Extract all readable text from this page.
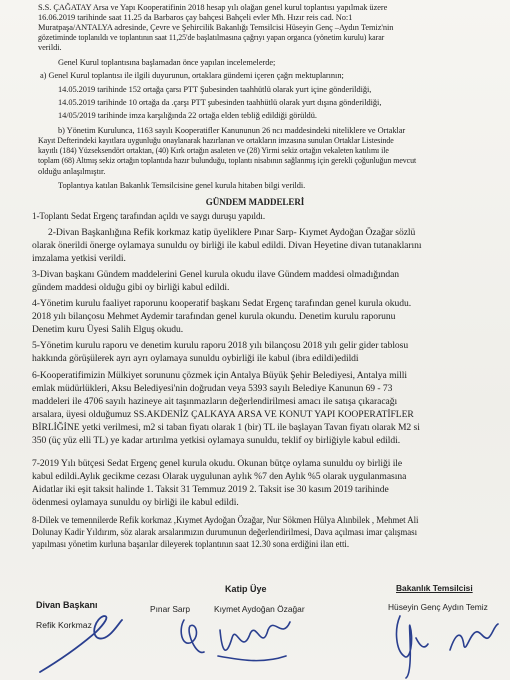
S.S. ÇAĞATAY Arsa ve Yapı Kooperatifinin 2018 hesap yılı olağan genel kurul toplantısı yapılmak üzere
16.06.2019 tarihinde saat 11.25 da Barbaros çay bahçesi Bahçeli evler Mh. Hızır reis cad. No:1
Muratpaşa/ANTALYA adresinde, Çevre ve Şehircilik Bakanlığı Temsilcisi Hüseyin Genç –Aydın Temiz'nin
gözetiminde toplanıldı ve toplantının saat 11,25'de başlatılmasına çağrıyı yapan organca (yönetim kurulu) karar
verildi.
Genel Kurul toplantısına başlamadan önce yapılan incelemelerde;
a) Genel Kurul toplantısı ile ilgili duyurunun, ortaklara gündemi içeren çağrı mektuplarının;
14.05.2019 tarihinde 152 ortağa çarsı PTT Şubesinden taahhütlü olarak yurt içine gönderildiği,
14.05.2019 tarihinde 10 ortağa da .çarşı PTT şubesinden taahhütlü olarak yurt dışına gönderildiği,
14/05/2019 tarihinde imza karşılığında 22 ortağa elden tebliğ edildiği görüldü.
b) Yönetim Kurulunca, 1163 sayılı Kooperatifler Kanununun 26 ncı maddesindeki niteliklere ve Ortaklar
Kayıt Defterindeki kayıtlara uygunluğu onaylanarak hazırlanan ve ortakların imzasına sunulan Ortaklar Listesinde
kayıtlı (184) Yüzseksendört ortaktan, (40) Kırk ortağın asaleten ve (28) Yirmi sekiz ortağın vekaleten katılımı ile
toplam (68) Altmış sekiz ortağın toplantıda hazır bulunduğu, toplantı nisabının sağlanmış için gerekli çoğunluğun mevcut
olduğu anlaşılmıştır.
Toplantıya katılan Bakanlık Temsilcisine genel kurula hitaben bilgi verildi.
GÜNDEM MADDELERİ
1-Toplantı Sedat Ergenç tarafından açıldı ve saygı duruşu yapıldı.
2-Divan Başkanlığına Refik korkmaz katip üyeliklere Pınar Sarp- Kıymet Aydoğan Özağar sözlü
olarak önerildi önerge oylamaya sunuldu oy birliği ile kabul edildi. Divan Heyetine divan tutanaklarını
imzalama yetkisi verildi.
3-Divan başkanı Gündem maddelerini Genel kurula okudu ilave Gündem maddesi olmadığından
gündem maddesi olduğu gibi oy birliği kabul edildi.
4-Yönetim kurulu faaliyet raporunu kooperatif başkanı Sedat Ergenç tarafından genel kurula okudu.
2018 yılı bilançosu Mehmet Aydemir tarafından genel kurula okundu. Denetim kurulu raporunu
Denetim kuru Üyesi Salih Elguş okudu.
5-Yönetim kurulu raporu ve denetim kurulu raporu 2018 yılı bilançosu 2018 yılı gelir gider tablosu
hakkında görüşülerek ayrı ayrı oylamaya sunuldu oybirliği ile kabul (ibra edildi)edildi
6-Kooperatifimizin Mülkiyet sorununu çözmek için Antalya Büyük Şehir Belediyesi, Antalya milli
emlak müdürlükleri, Aksu Belediyesi'nin doğrudan veya 5393 sayılı Belediye Kanunun 69 - 73
maddeleri ile 4706 sayılı hazineye ait taşınmazların değerlendirilmesi amacı ile satışa çıkaracağı
arsalara, üyesi olduğumuz SS.AKDENİZ ÇALKAYA ARSA VE KONUT YAPI KOOPERATİFLER
BİRLİĞİNE yetki verilmesi, m2 si taban fiyatı olarak 1 (bir) TL ile başlayan Tavan fiyatı olarak M2 si
350 (üç yüz elli TL) ye kadar artırılma yetkisi oylamaya sunuldu, teklif oy birliğiyle kabul edildi.
7-2019 Yılı bütçesi Sedat Ergenç genel kurula okudu. Okunan bütçe oylama sunuldu oy birliği ile
kabul edildi.Aylık gecikme cezası Olarak uygulunan aylık %7 den Aylık %5 olarak uygulanmasına
Aidatlar iki eşit taksit halinde 1. Taksit 31 Temmuz 2019 2. Taksit ise 30 kasım 2019 tarihinde
ödenmesi oylamaya sunuldu oy birliği ile kabul edildi.
8-Dilek ve temennilerde Refik korkmaz ,Kıymet Aydoğan Özağar, Nur Sökmen Hülya Alınbilek , Mehmet Ali
Dolunay Kadir Yıldırım, söz alarak arsalarımızın durumunun değerlendirilmesi, Dava açılması imar çalışması
yapılması yönetim kurluna başarılar dileyerek toplantının saat 12.30 sona erdiğini ilan etti.
Divan Başkanı
Refik Korkmaz
Katip Üye
Pınar Sarp	Kıymet Aydoğan Özağar
Bakanlık Temsilcisi
Hüseyin Genç Aydın Temiz
